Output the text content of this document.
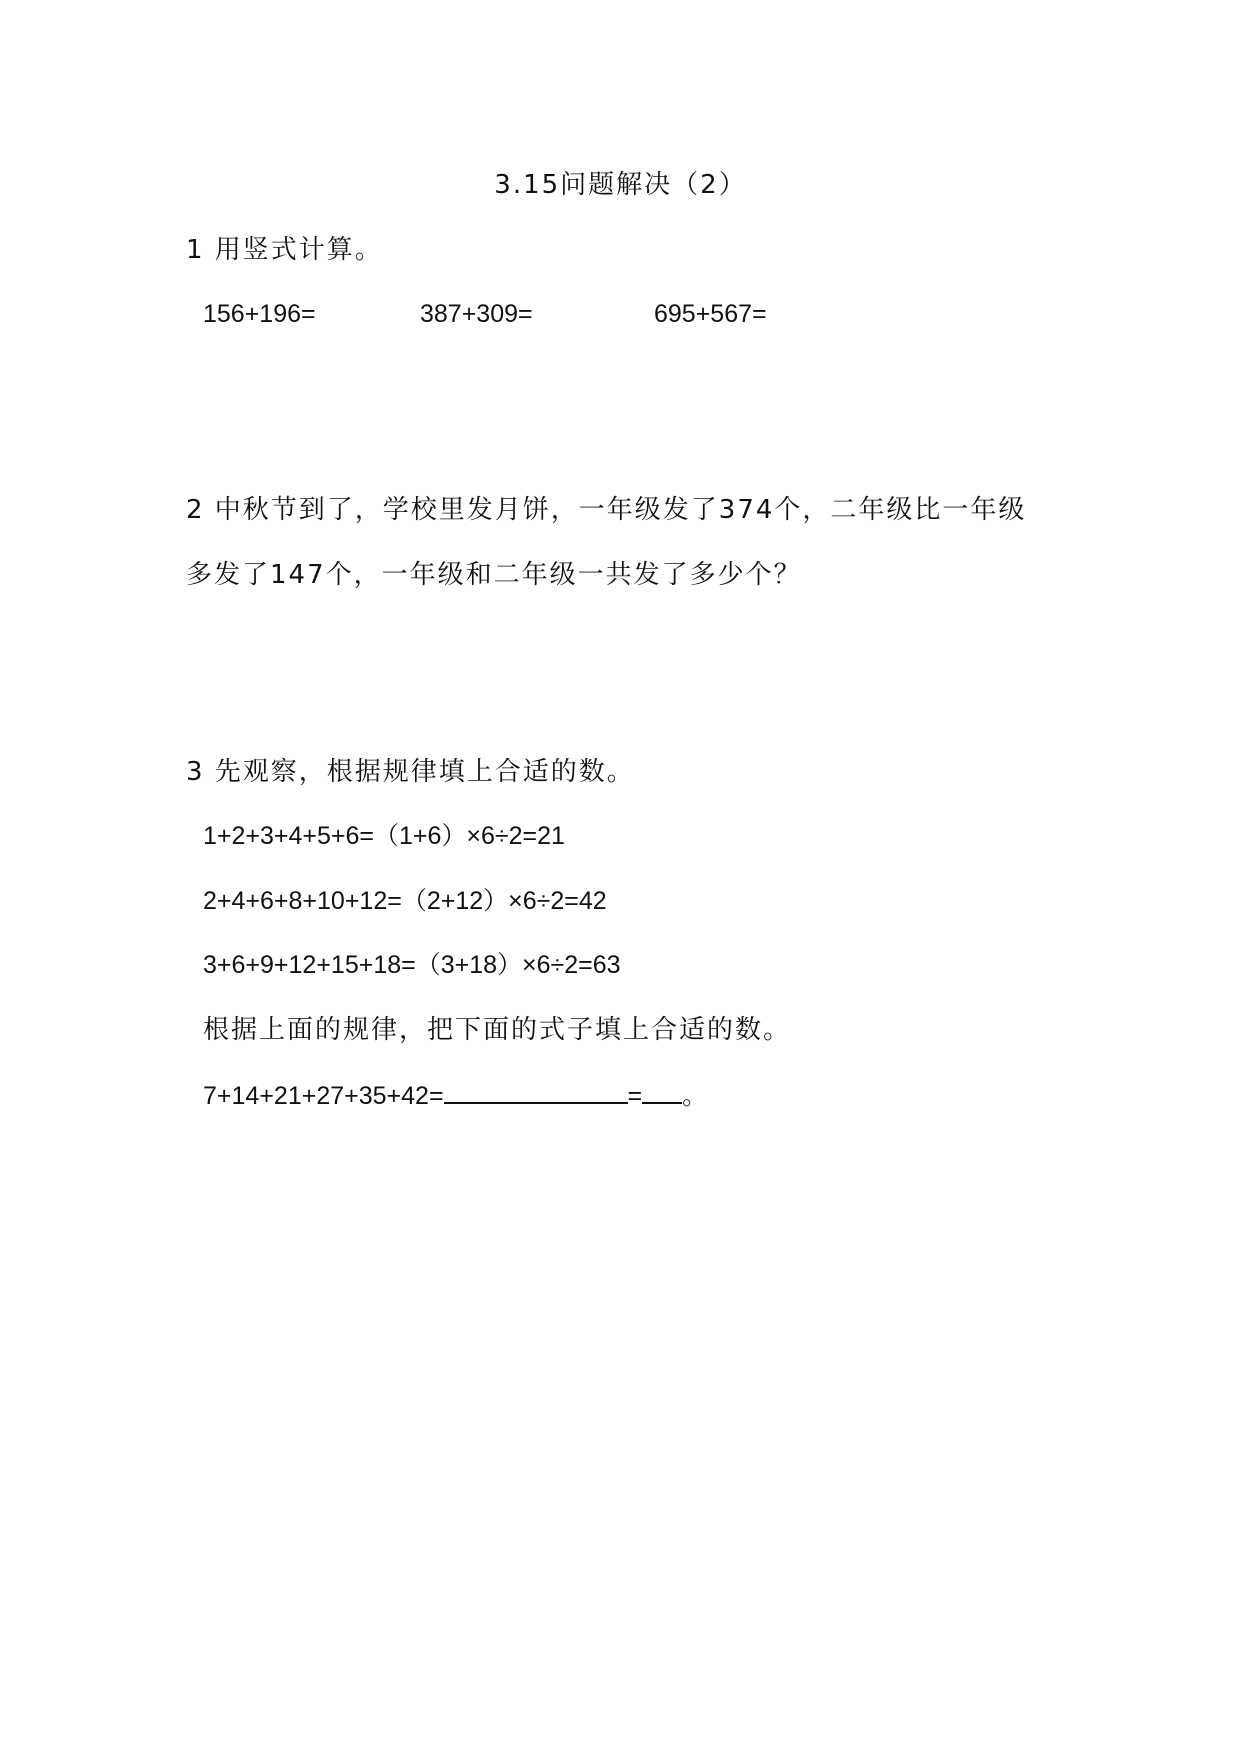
3.15问题解决（2）
1 用竖式计算。
156+196=	387+309=	695+567=
2 中秋节到了，学校里发月饼，一年级发了374个，二年级比一年级
多发了147个，一年级和二年级一共发了多少个？
3 先观察，根据规律填上合适的数。
1+2+3+4+5+6=（1+6）×6÷2=21
2+4+6+8+10+12=（2+12）×6÷2=42
3+6+9+12+15+18=（3+18）×6÷2=63
根据上面的规律，把下面的式子填上合适的数。
7+14+21+27+35+42=	= 。
